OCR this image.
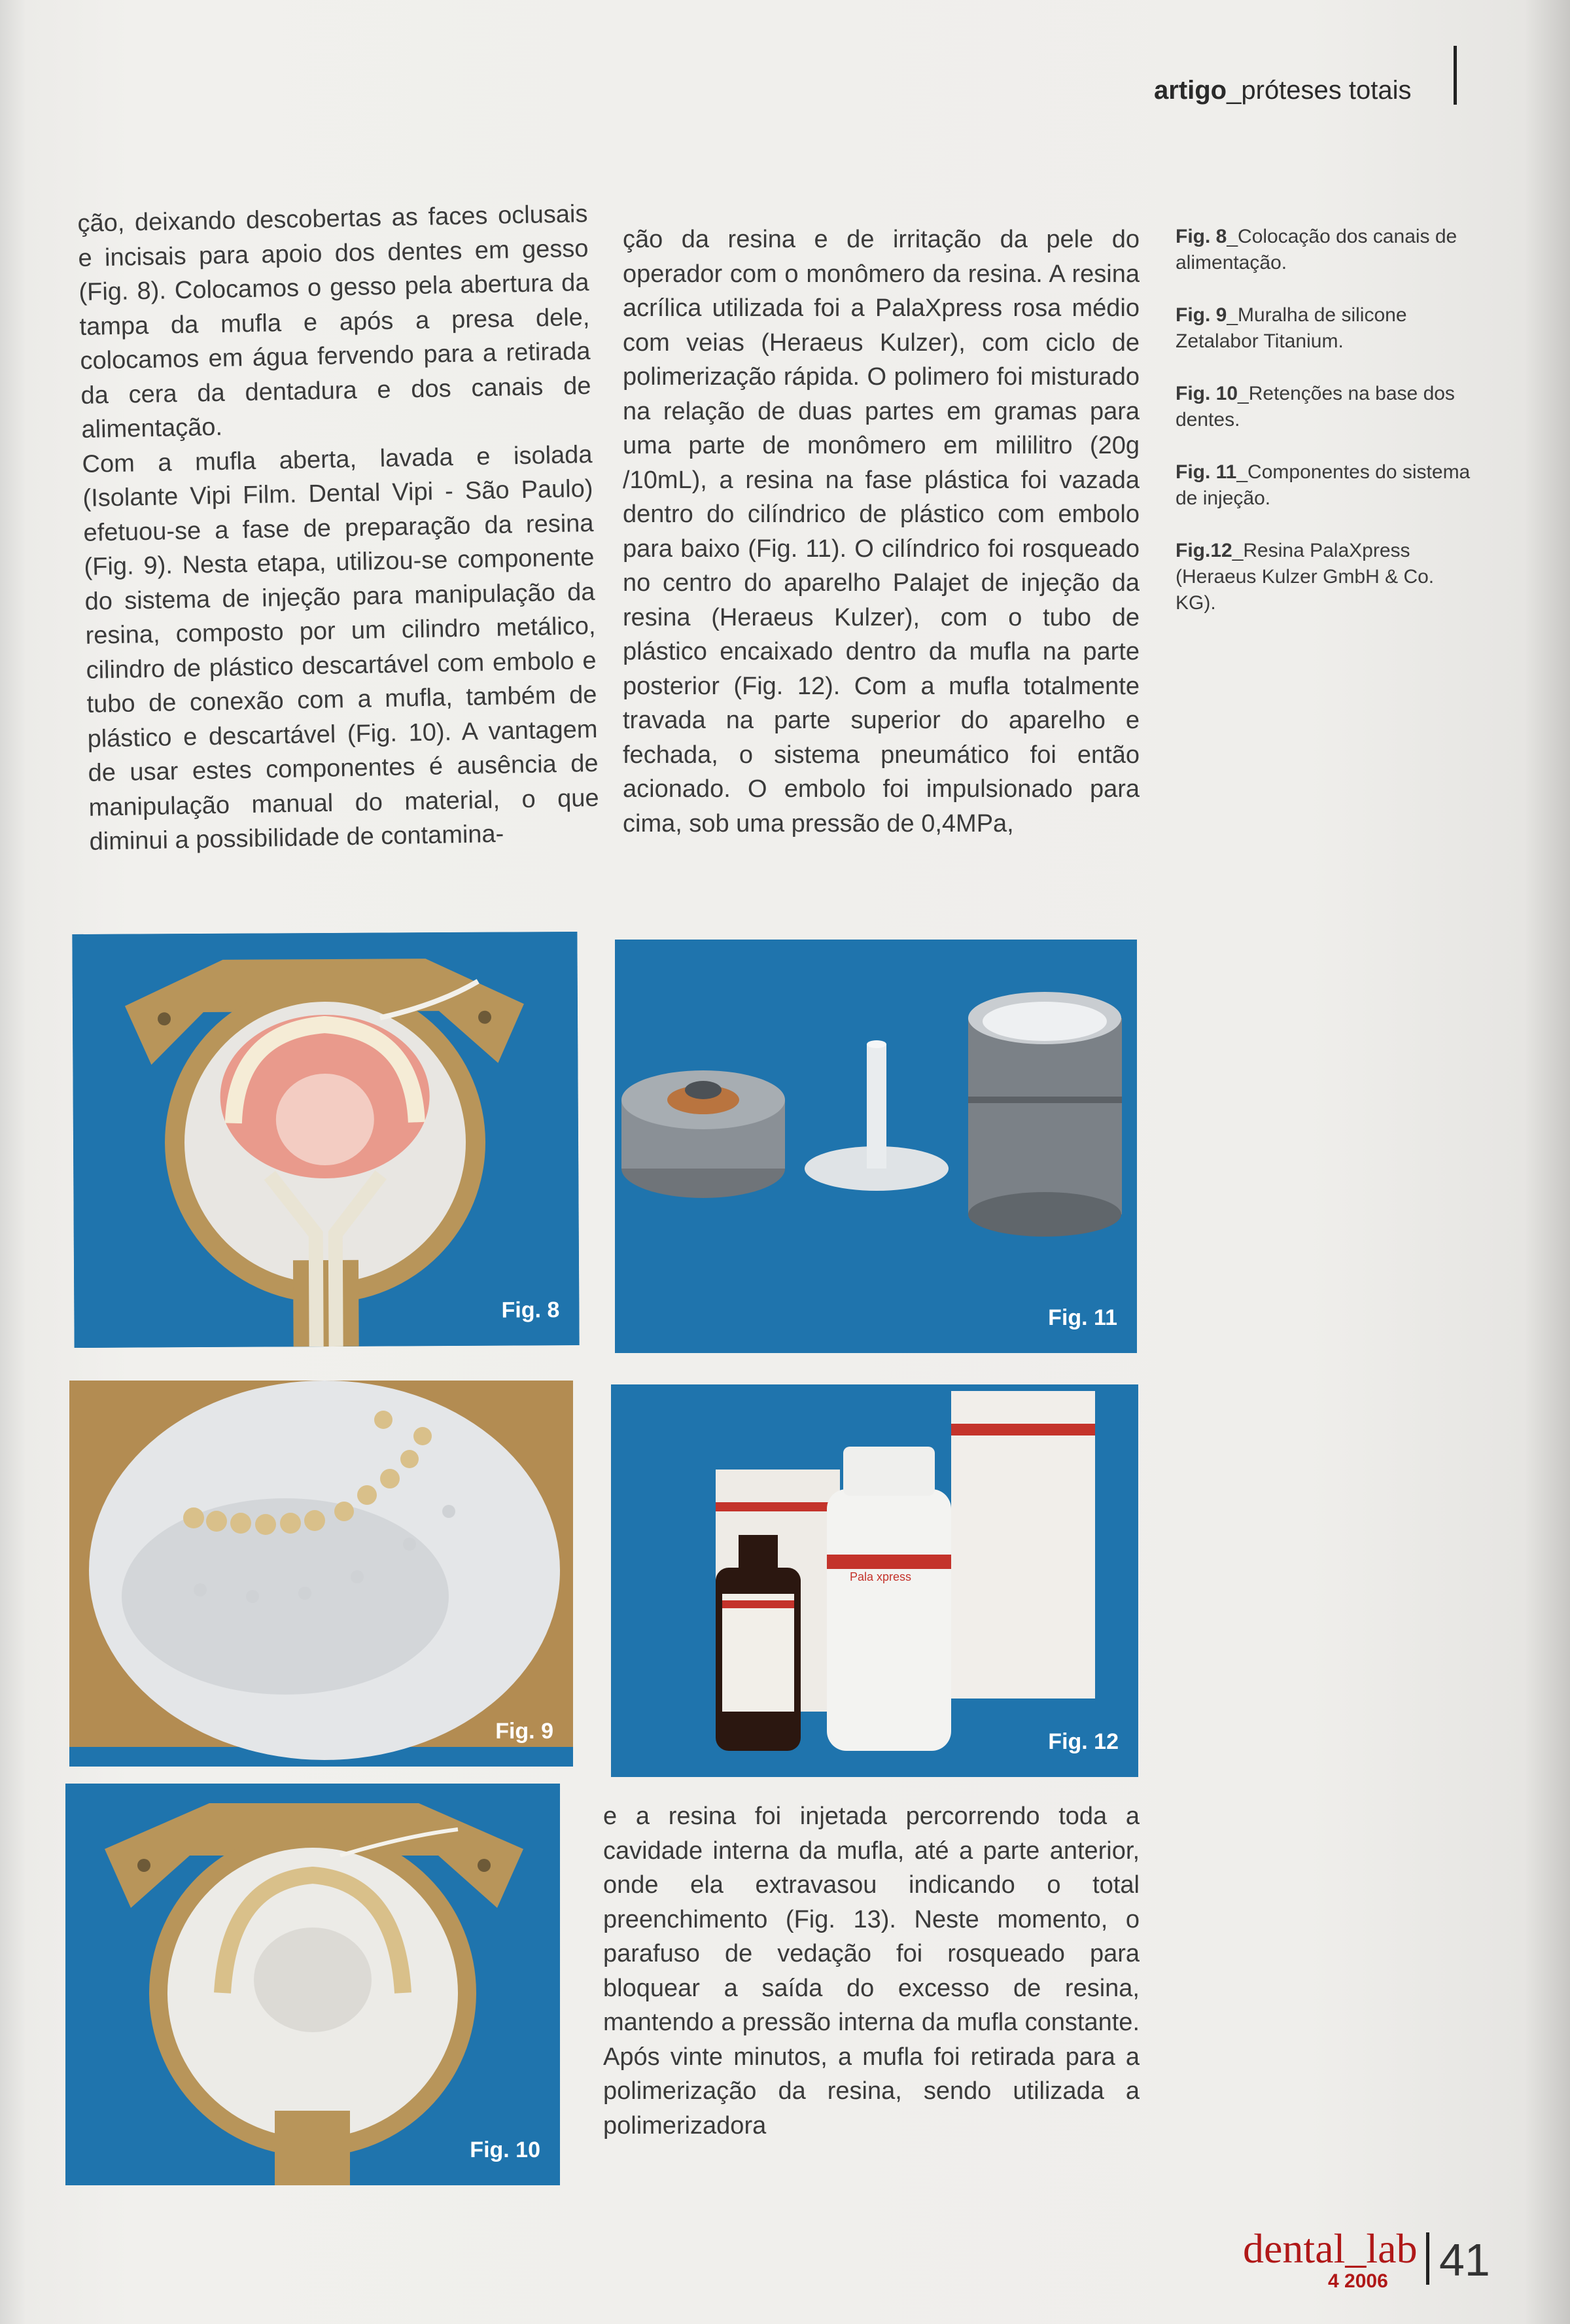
artigo_próteses totais

ção, deixando descobertas as faces oclusais e incisais para apoio dos dentes em gesso (Fig. 8). Colocamos o gesso pela abertura da tampa da mufla e após a presa dele, colocamos em água fervendo para a retirada da cera da dentadura e dos canais de alimentação.

Com a mufla aberta, lavada e isolada (Isolante Vipi Film. Dental Vipi - São Paulo) efetuou-se a fase de preparação da resina (Fig. 9). Nesta etapa, utilizou-se componente do sistema de injeção para manipulação da resina, composto por um cilindro metálico, cilindro de plástico descartável com embolo e tubo de conexão com a mufla, também de plástico e descartável (Fig. 10). A vantagem de usar estes componentes é ausência de manipulação manual do material, o que diminui a possibilidade de contamina-

ção da resina e de irritação da pele do operador com o monômero da resina. A resina acrílica utilizada foi a PalaXpress rosa médio com veias (Heraeus Kulzer), com ciclo de polimerização rápida. O polimero foi misturado na relação de duas partes em gramas para uma parte de monômero em mililitro (20g /10mL), a resina na fase plástica foi vazada dentro do cilíndrico de plástico com embolo para baixo (Fig. 11). O cilíndrico foi rosqueado no centro do aparelho Palajet de injeção da resina (Heraeus Kulzer), com o tubo de plástico encaixado dentro da mufla na parte posterior (Fig. 12). Com a mufla totalmente travada na parte superior do aparelho e fechada, o sistema pneumático foi então acionado. O embolo foi impulsionado para cima, sob uma pressão de 0,4MPa,

Fig. 8_Colocação dos canais de alimentação.
Fig. 9_Muralha de silicone Zetalabor Titanium.
Fig. 10_Retenções na base dos dentes.
Fig. 11_Componentes do sistema de injeção.
Fig.12_Resina PalaXpress (Heraeus Kulzer GmbH & Co. KG).
Fig. 8	Fig. 11
Fig. 9
Pala xpress
Fig. 12
Fig. 10

e a resina foi injetada percorrendo toda a cavidade interna da mufla, até a parte anterior, onde ela extravasou indicando o total preenchimento (Fig. 13). Neste momento, o parafuso de vedação foi rosqueado para bloquear a saída do excesso de resina, mantendo a pressão interna da mufla constante. Após vinte minutos, a mufla foi retirada para a polimerização da resina, sendo utilizada a polimerizadora

dental_lab
4 2006 41
